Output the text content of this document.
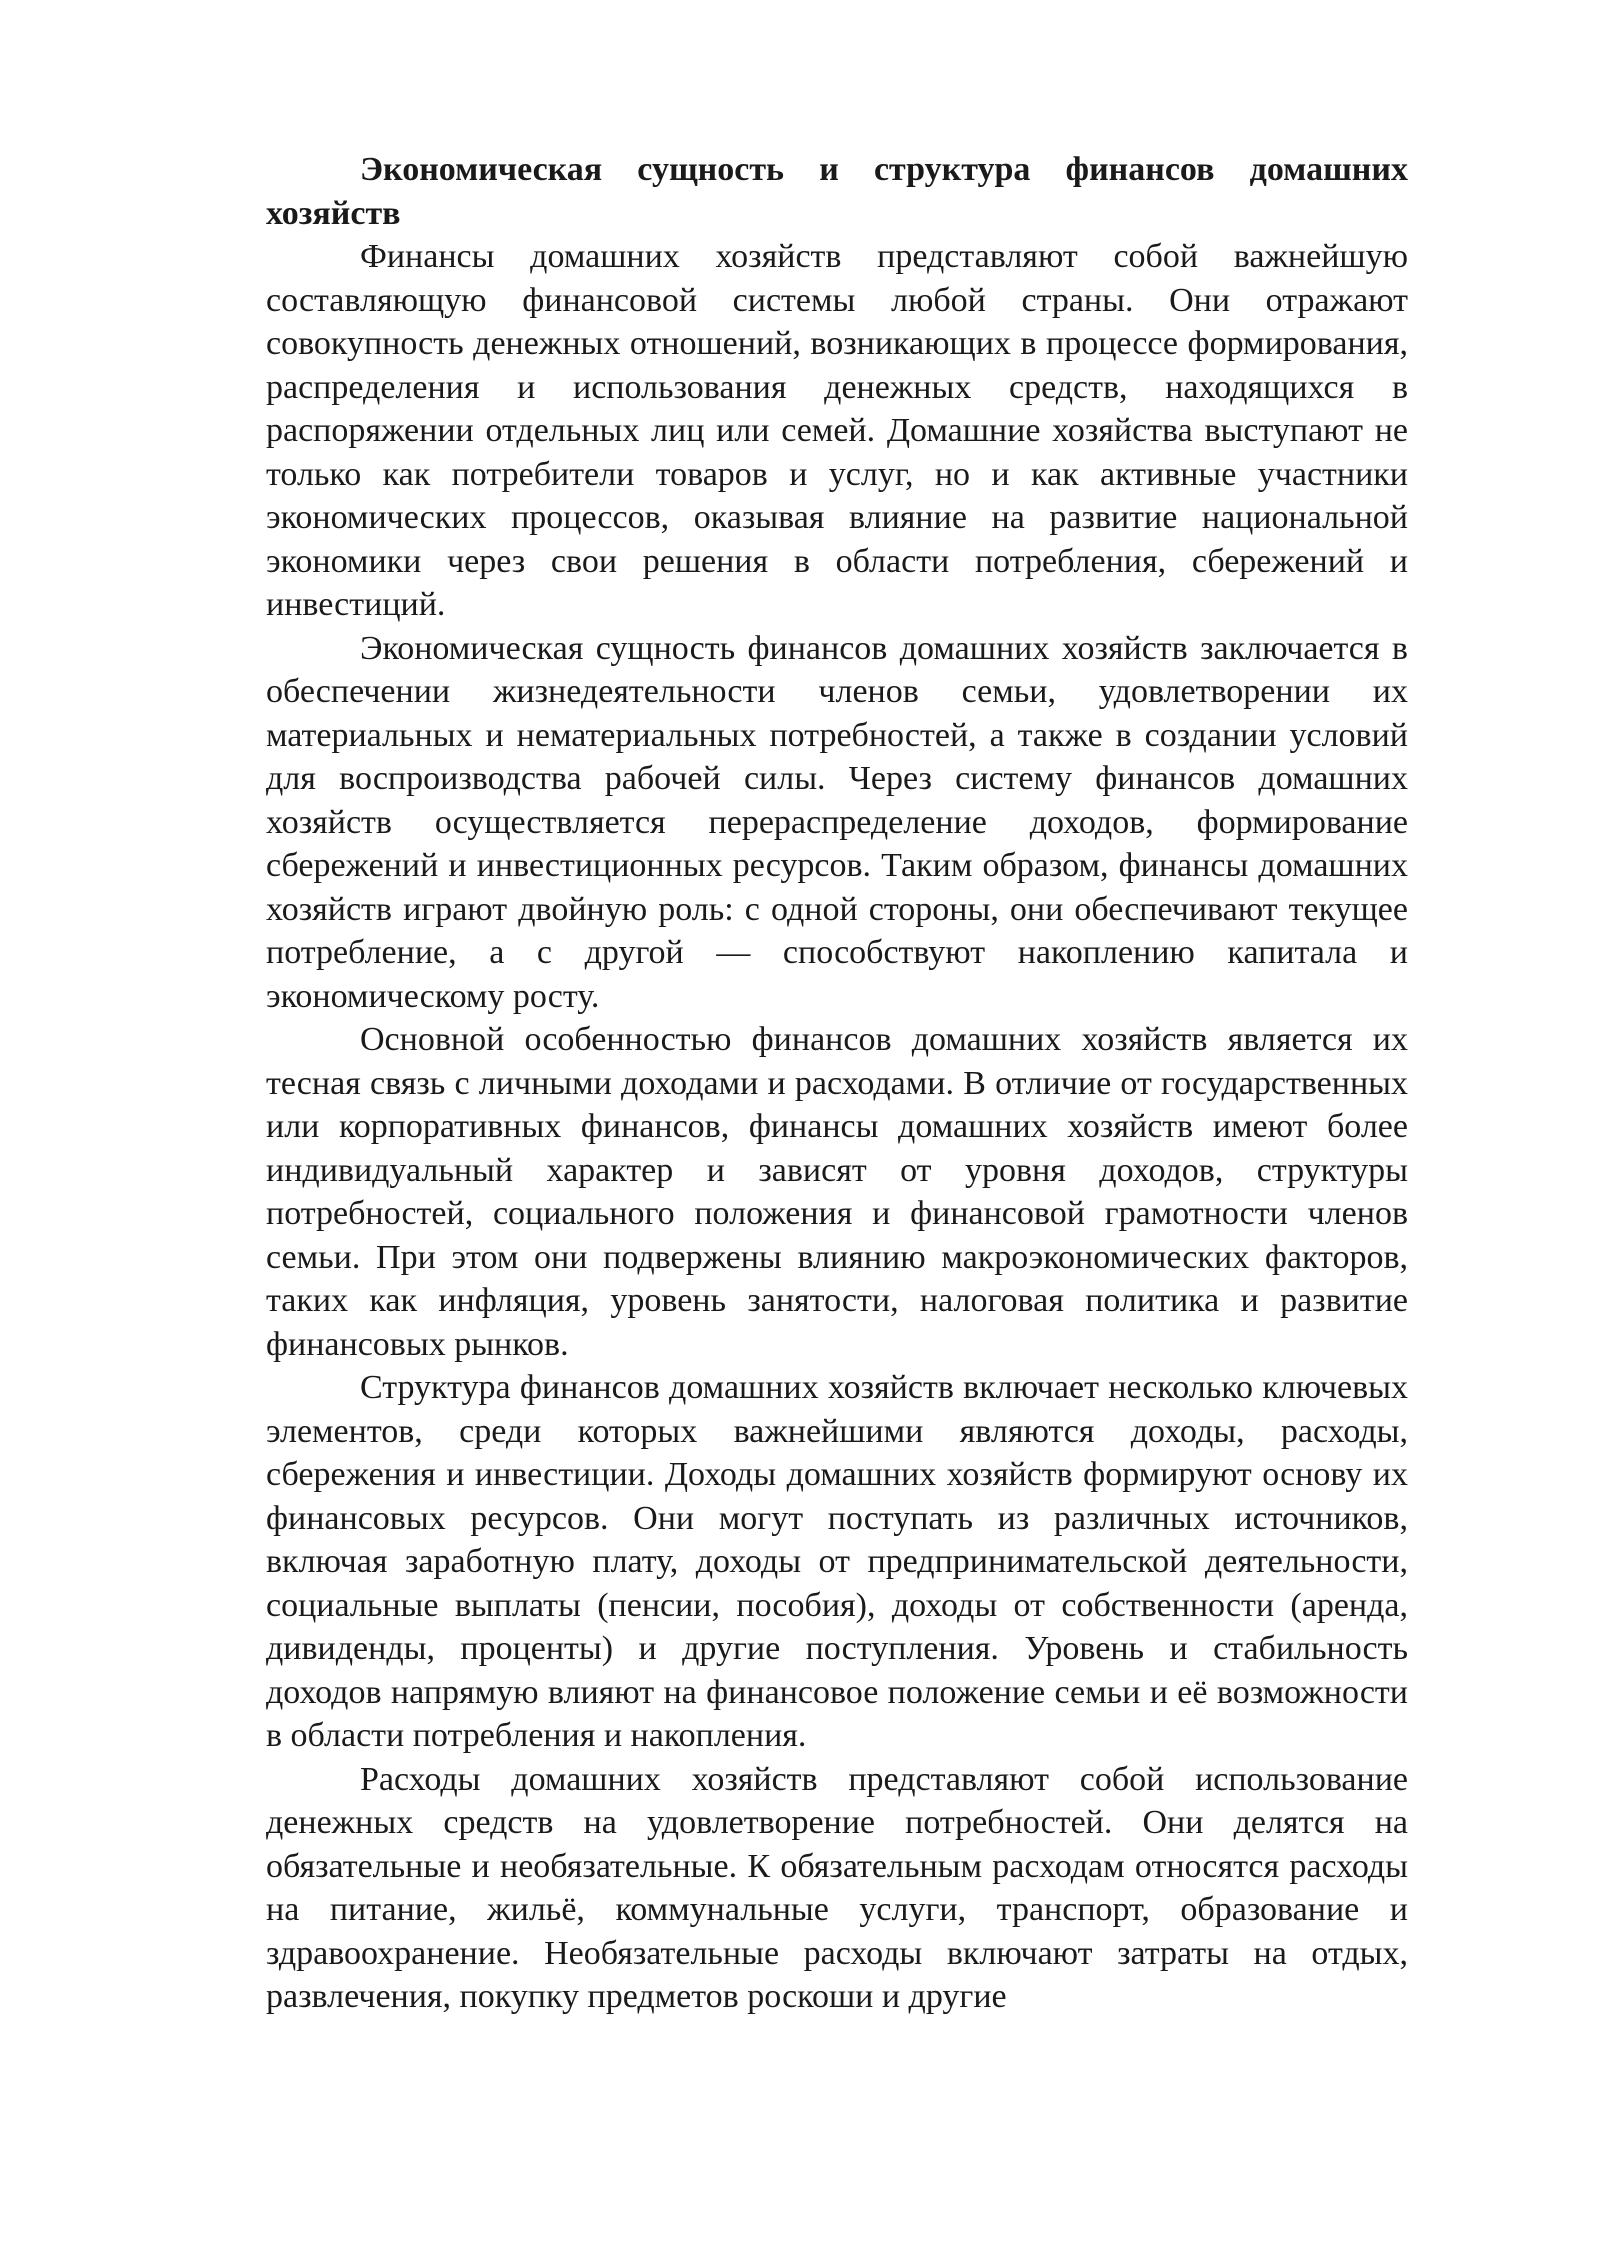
Экономическая сущность и структура финансов домашних хозяйств

Финансы домашних хозяйств представляют собой важнейшую составляющую финансовой системы любой страны. Они отражают совокупность денежных отношений, возникающих в процессе формирования, распределения и использования денежных средств, находящихся в распоряжении отдельных лиц или семей. Домашние хозяйства выступают не только как потребители товаров и услуг, но и как активные участники экономических процессов, оказывая влияние на развитие национальной экономики через свои решения в области потребления, сбережений и инвестиций.

Экономическая сущность финансов домашних хозяйств заключается в обеспечении жизнедеятельности членов семьи, удовлетворении их материальных и нематериальных потребностей, а также в создании условий для воспроизводства рабочей силы. Через систему финансов домашних хозяйств осуществляется перераспределение доходов, формирование сбережений и инвестиционных ресурсов. Таким образом, финансы домашних хозяйств играют двойную роль: с одной стороны, они обеспечивают текущее потребление, а с другой — способствуют накоплению капитала и экономическому росту.

Основной особенностью финансов домашних хозяйств является их тесная связь с личными доходами и расходами. В отличие от государственных или корпоративных финансов, финансы домашних хозяйств имеют более индивидуальный характер и зависят от уровня доходов, структуры потребностей, социального положения и финансовой грамотности членов семьи. При этом они подвержены влиянию макроэкономических факторов, таких как инфляция, уровень занятости, налоговая политика и развитие финансовых рынков.

Структура финансов домашних хозяйств включает несколько ключевых элементов, среди которых важнейшими являются доходы, расходы, сбережения и инвестиции. Доходы домашних хозяйств формируют основу их финансовых ресурсов. Они могут поступать из различных источников, включая заработную плату, доходы от предпринимательской деятельности, социальные выплаты (пенсии, пособия), доходы от собственности (аренда, дивиденды, проценты) и другие поступления. Уровень и стабильность доходов напрямую влияют на финансовое положение семьи и её возможности в области потребления и накопления.

Расходы домашних хозяйств представляют собой использование денежных средств на удовлетворение потребностей. Они делятся на обязательные и необязательные. К обязательным расходам относятся расходы на питание, жильё, коммунальные услуги, транспорт, образование и здравоохранение. Необязательные расходы включают затраты на отдых, развлечения, покупку предметов роскоши и другие
